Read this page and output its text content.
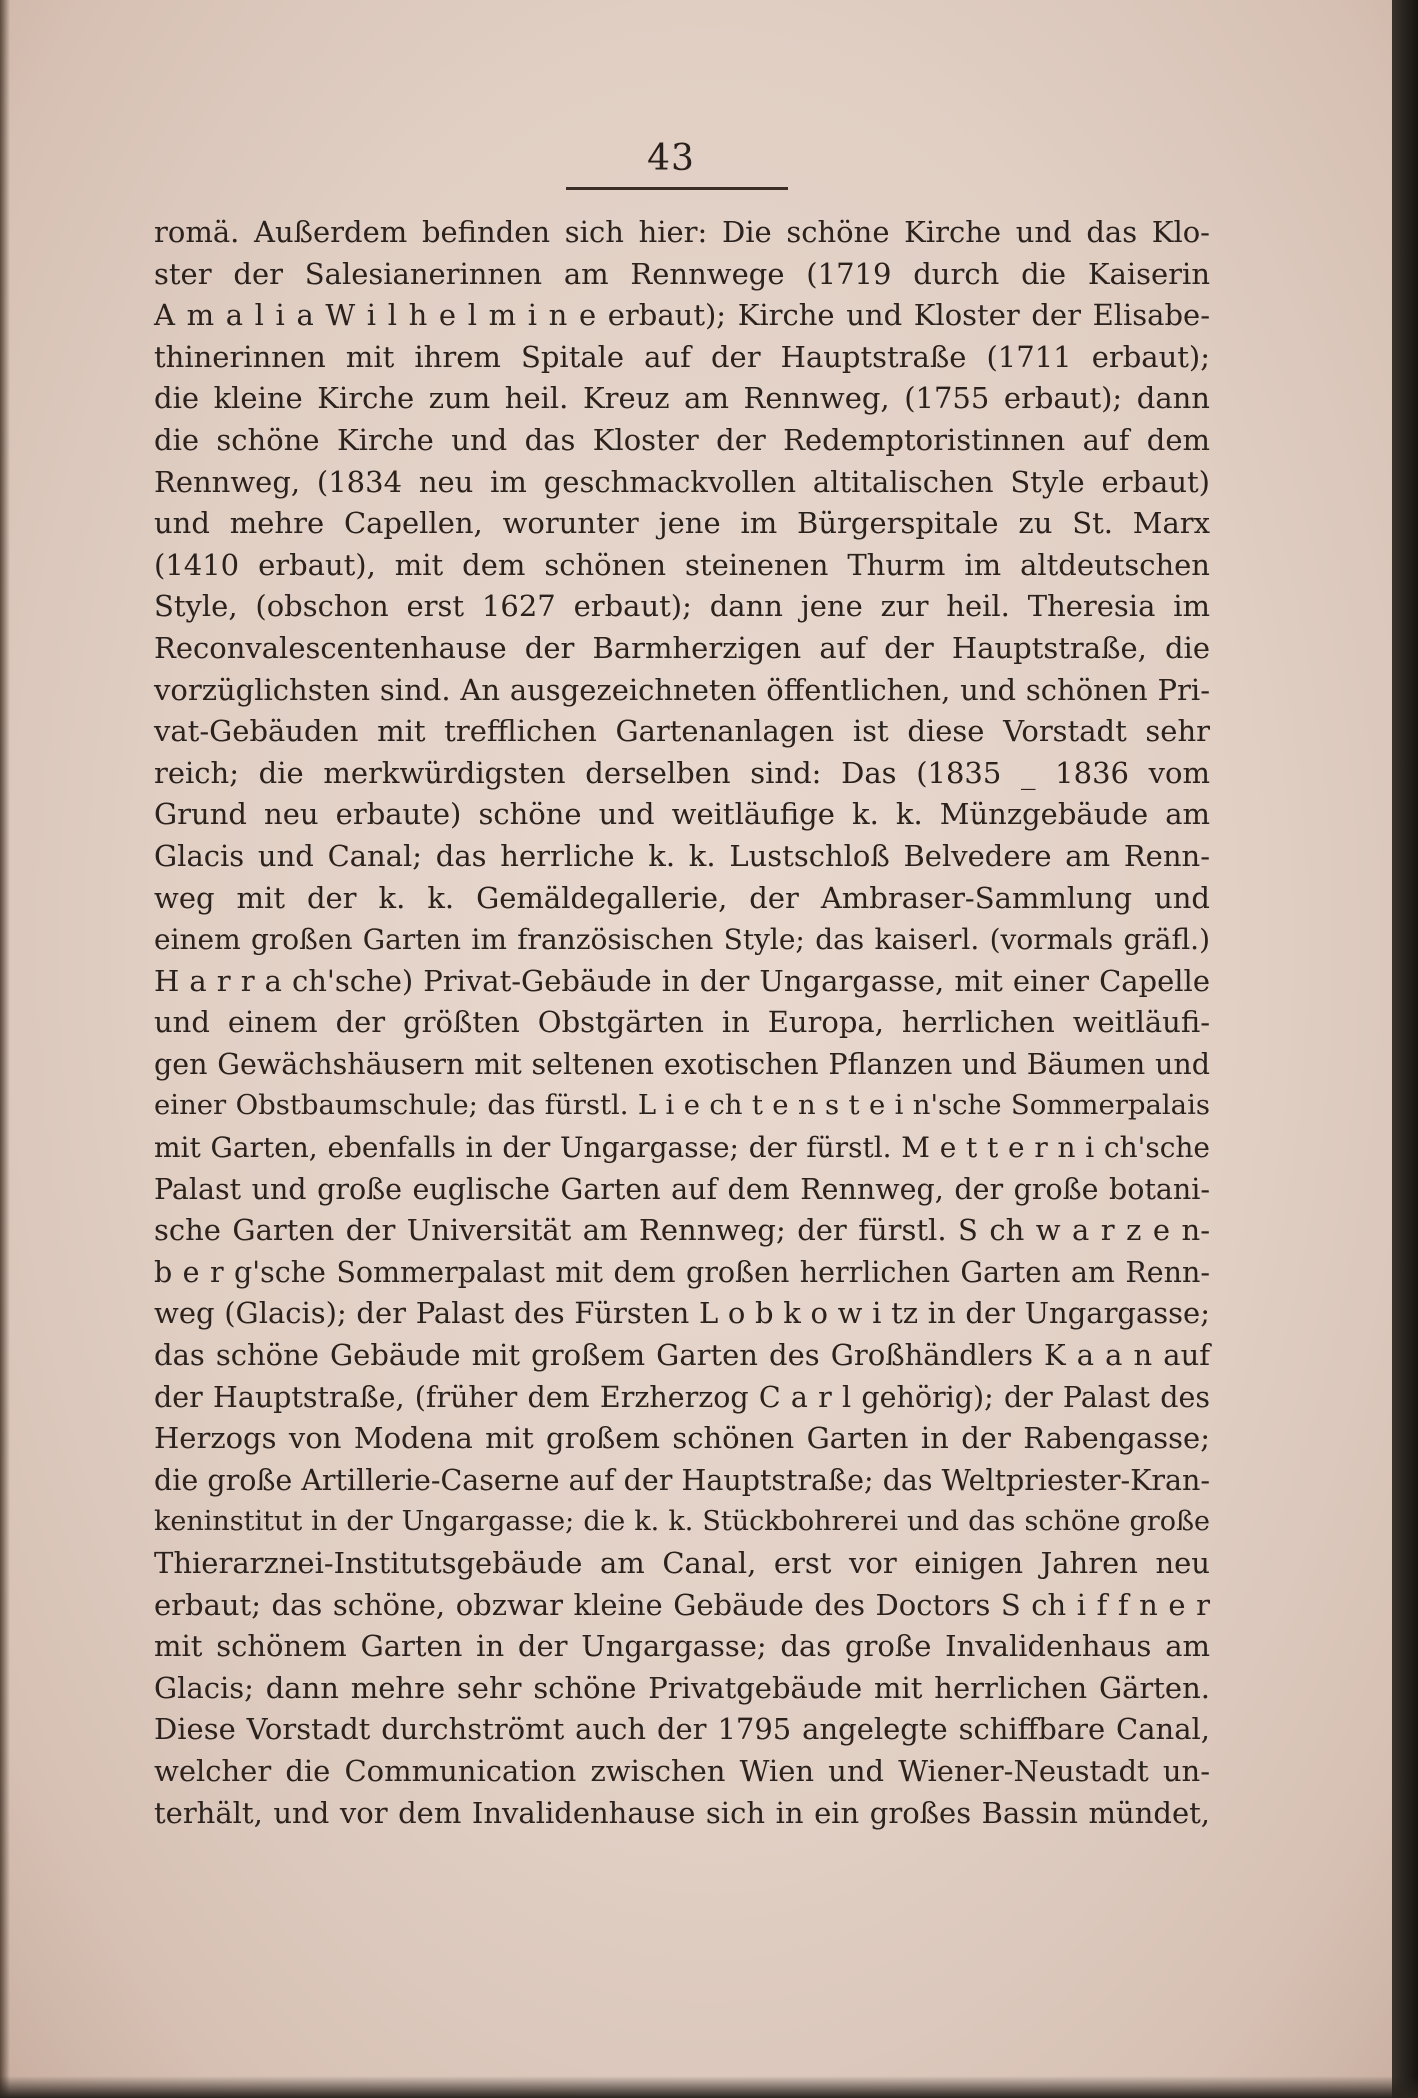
43
romä. Außerdem befinden sich hier: Die schöne Kirche und das Klo-
ster der Salesianerinnen am Rennwege (1719 durch die Kaiserin
A m a l i a W i l h e l m i n e erbaut); Kirche und Kloster der Elisabe-
thinerinnen mit ihrem Spitale auf der Hauptstraße (1711 erbaut);
die kleine Kirche zum heil. Kreuz am Rennweg, (1755 erbaut); dann
die schöne Kirche und das Kloster der Redemptoristinnen auf dem
Rennweg, (1834 neu im geschmackvollen altitalischen Style erbaut)
und mehre Capellen, worunter jene im Bürgerspitale zu St. Marx
(1410 erbaut), mit dem schönen steinenen Thurm im altdeutschen
Style, (obschon erst 1627 erbaut); dann jene zur heil. Theresia im
Reconvalescentenhause der Barmherzigen auf der Hauptstraße, die
vorzüglichsten sind. An ausgezeichneten öffentlichen, und schönen Pri-
vat-Gebäuden mit trefflichen Gartenanlagen ist diese Vorstadt sehr
reich; die merkwürdigsten derselben sind: Das (1835 _ 1836 vom
Grund neu erbaute) schöne und weitläufige k. k. Münzgebäude am
Glacis und Canal; das herrliche k. k. Lustschloß Belvedere am Renn-
weg mit der k. k. Gemäldegallerie, der Ambraser-Sammlung und
einem großen Garten im französischen Style; das kaiserl. (vormals gräfl.)
H a r r a ch'sche) Privat-Gebäude in der Ungargasse, mit einer Capelle
und einem der größten Obstgärten in Europa, herrlichen weitläufi-
gen Gewächshäusern mit seltenen exotischen Pflanzen und Bäumen und
einer Obstbaumschule; das fürstl. L i e ch t e n s t e i n'sche Sommerpalais
mit Garten, ebenfalls in der Ungargasse; der fürstl. M e t t e r n i ch'sche
Palast und große euglische Garten auf dem Rennweg, der große botani-
sche Garten der Universität am Rennweg; der fürstl. S ch w a r z e n-
b e r g'sche Sommerpalast mit dem großen herrlichen Garten am Renn-
weg (Glacis); der Palast des Fürsten L o b k o w i tz in der Ungargasse;
das schöne Gebäude mit großem Garten des Großhändlers K a a n auf
der Hauptstraße, (früher dem Erzherzog C a r l gehörig); der Palast des
Herzogs von Modena mit großem schönen Garten in der Rabengasse;
die große Artillerie-Caserne auf der Hauptstraße; das Weltpriester-Kran-
keninstitut in der Ungargasse; die k. k. Stückbohrerei und das schöne große
Thierarznei-Institutsgebäude am Canal, erst vor einigen Jahren neu
erbaut; das schöne, obzwar kleine Gebäude des Doctors S ch i f f n e r
mit schönem Garten in der Ungargasse; das große Invalidenhaus am
Glacis; dann mehre sehr schöne Privatgebäude mit herrlichen Gärten.
Diese Vorstadt durchströmt auch der 1795 angelegte schiffbare Canal,
welcher die Communication zwischen Wien und Wiener-Neustadt un-
terhält, und vor dem Invalidenhause sich in ein großes Bassin mündet,
